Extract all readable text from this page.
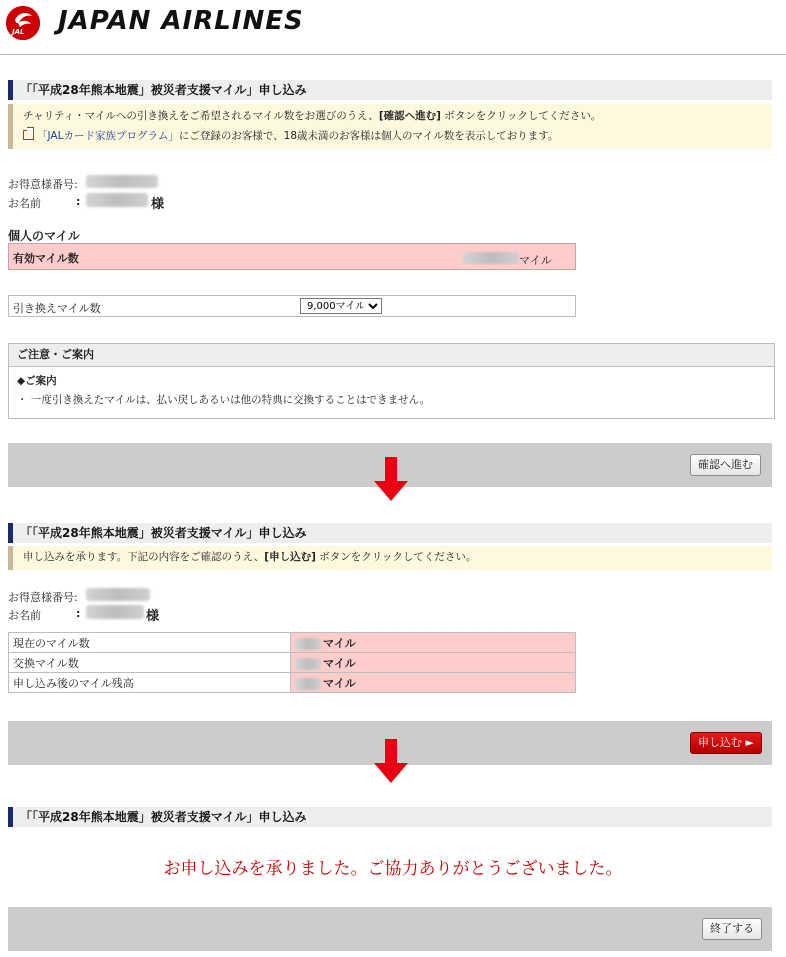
JAL JAPAN AIRLINES
「「平成28年熊本地震」被災者支援マイル」申し込み
チャリティ・マイルへの引き換えをご希望されるマイル数をお選びのうえ、[確認へ進む] ボタンをクリックしてください。
「JALカード家族プログラム」にご登録のお客様で、18歳未満のお客様は個人のマイル数を表示しております。
お得意様番号:
お名前	:	様
個人のマイル
有効マイル数	マイル
引き換えマイル数
9,000マイル
ご注意・ご案内
◆ご案内
・ 一度引き換えたマイルは、払い戻しあるいは他の特典に交換することはできません。
確認へ進む
「「平成28年熊本地震」被災者支援マイル」申し込み
申し込みを承ります。下記の内容をご確認のうえ、[申し込む] ボタンをクリックしてください。
お得意様番号:
お名前	:	様
現在のマイル数	マイル
交換マイル数	マイル
申し込み後のマイル残高	マイル
申し込む ►
「「平成28年熊本地震」被災者支援マイル」申し込み
お申し込みを承りました。ご協力ありがとうございました。
終了する
